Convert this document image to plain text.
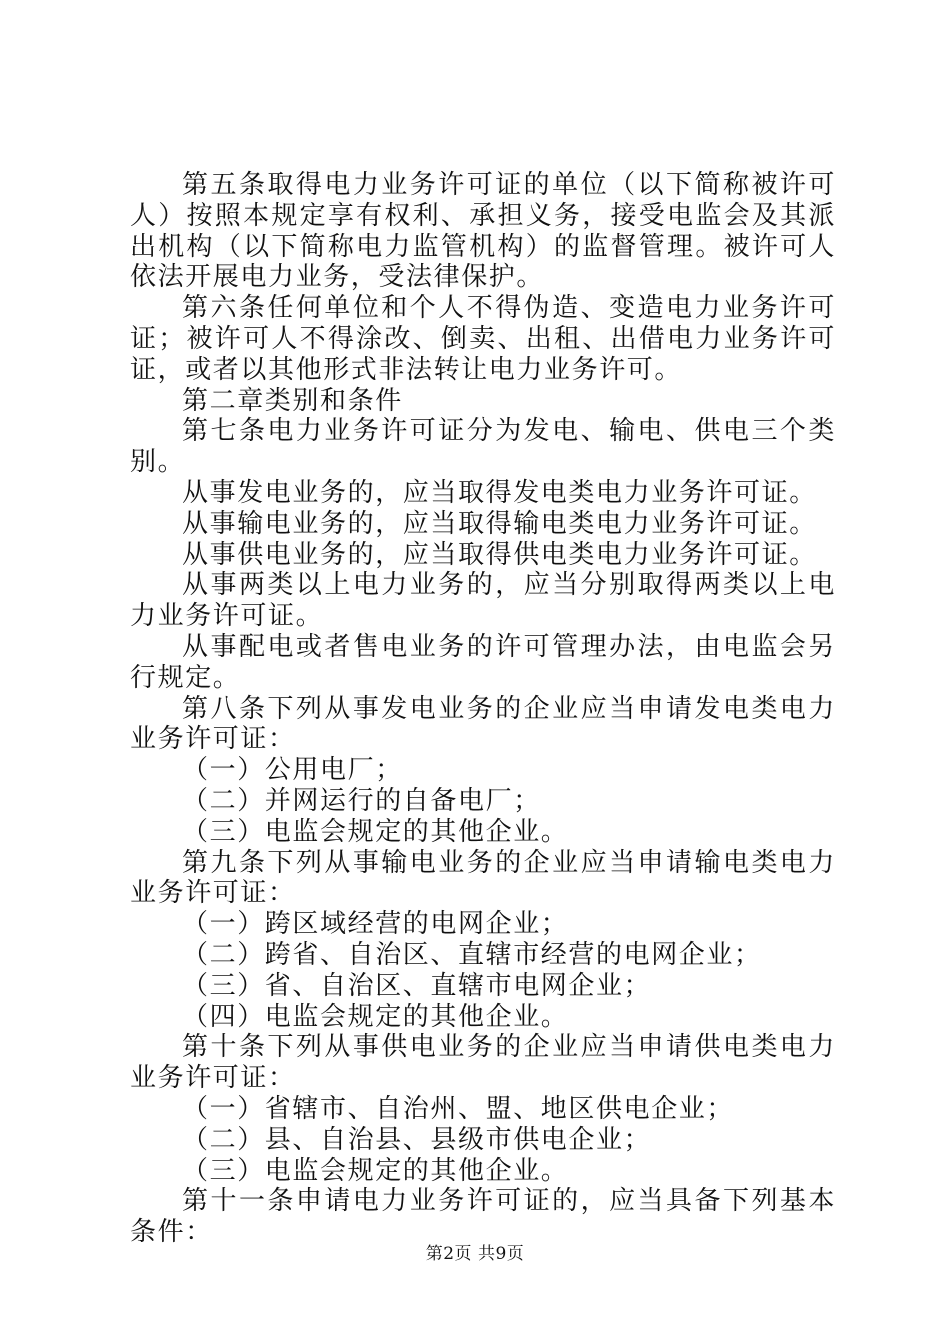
第五条取得电力业务许可证的单位（以下简称被许可人）按照本规定享有权利、承担义务，接受电监会及其派出机构（以下简称电力监管机构）的监督管理。被许可人依法开展电力业务，受法律保护。

第六条任何单位和个人不得伪造、变造电力业务许可证；被许可人不得涂改、倒卖、出租、出借电力业务许可证，或者以其他形式非法转让电力业务许可。

第二章类别和条件

第七条电力业务许可证分为发电、输电、供电三个类别。

从事发电业务的，应当取得发电类电力业务许可证。

从事输电业务的，应当取得输电类电力业务许可证。

从事供电业务的，应当取得供电类电力业务许可证。

从事两类以上电力业务的，应当分别取得两类以上电力业务许可证。

从事配电或者售电业务的许可管理办法，由电监会另行规定。

第八条下列从事发电业务的企业应当申请发电类电力业务许可证：

（一）公用电厂；

（二）并网运行的自备电厂；

（三）电监会规定的其他企业。

第九条下列从事输电业务的企业应当申请输电类电力业务许可证：

（一）跨区域经营的电网企业；

（二）跨省、自治区、直辖市经营的电网企业；

（三）省、自治区、直辖市电网企业；

（四）电监会规定的其他企业。

第十条下列从事供电业务的企业应当申请供电类电力业务许可证：

（一）省辖市、自治州、盟、地区供电企业；

（二）县、自治县、县级市供电企业；

（三）电监会规定的其他企业。

第十一条申请电力业务许可证的，应当具备下列基本条件：

第2页 共9页
